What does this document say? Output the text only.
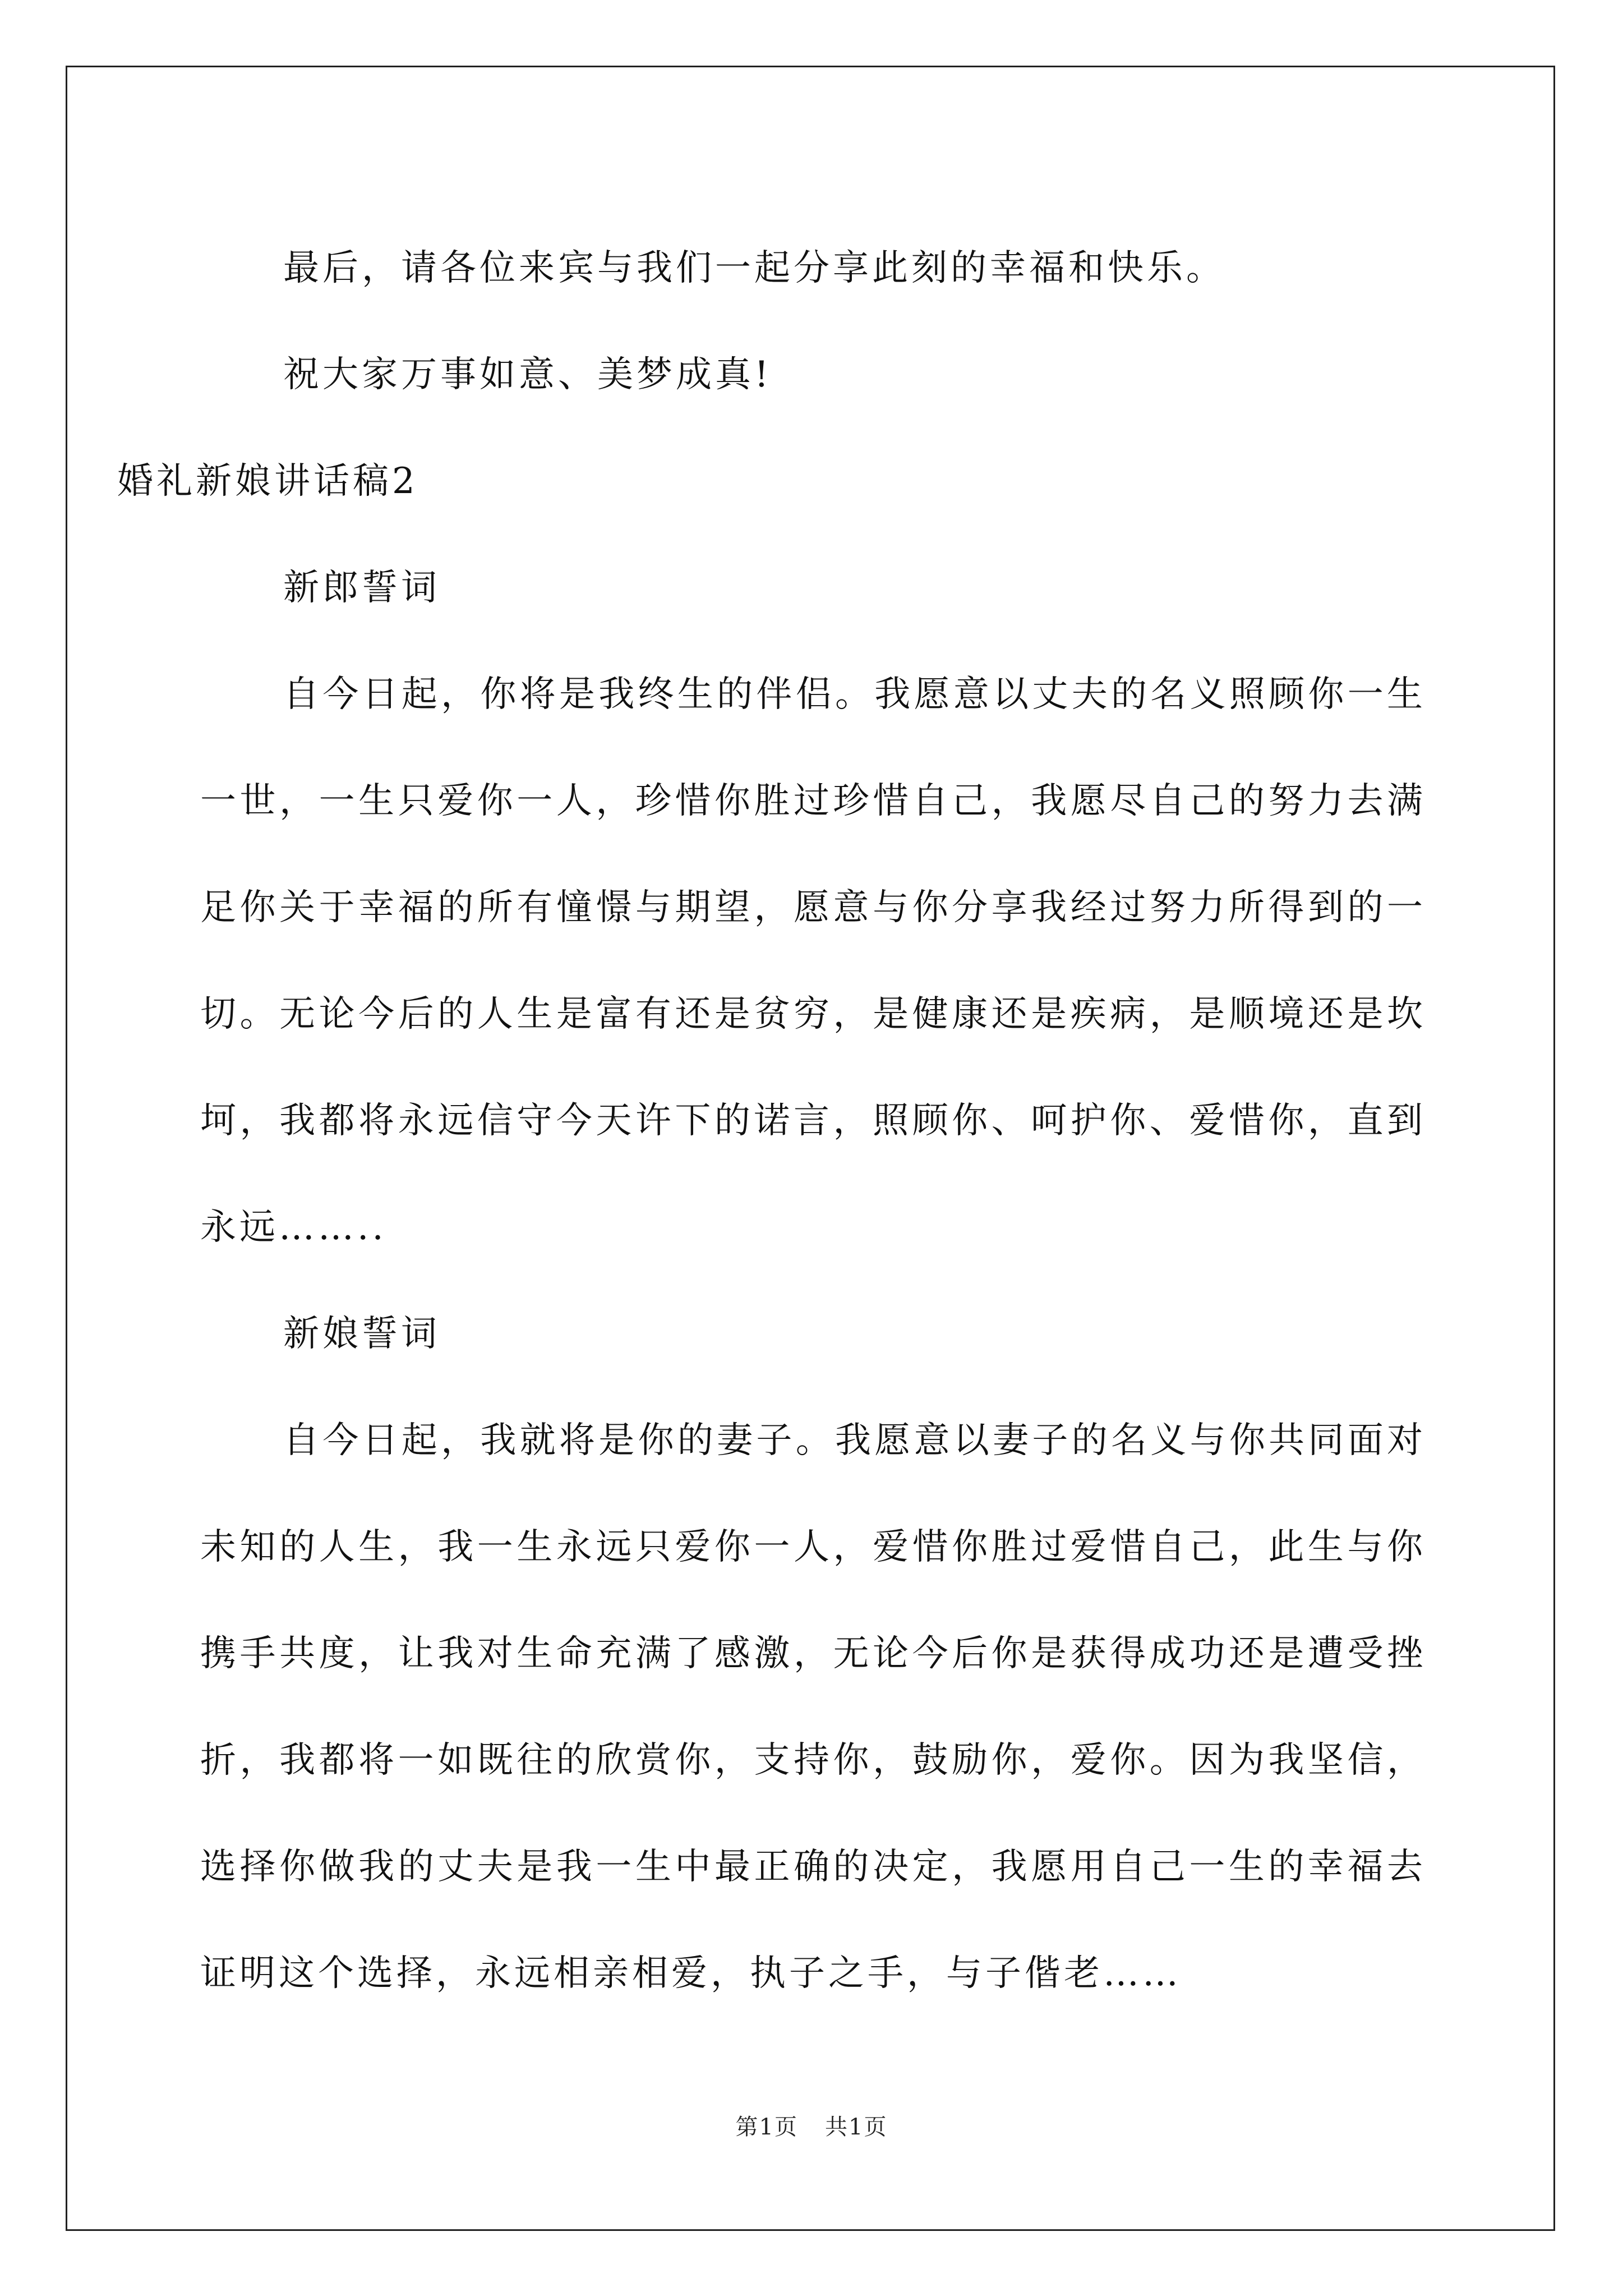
最后，请各位来宾与我们一起分享此刻的幸福和快乐。

祝大家万事如意、美梦成真!

婚礼新娘讲话稿2

新郎誓词

自今日起，你将是我终生的伴侣。我愿意以丈夫的名义照顾你一生一世，一生只爱你一人，珍惜你胜过珍惜自己，我愿尽自己的努力去满足你关于幸福的所有憧憬与期望，愿意与你分享我经过努力所得到的一切。无论今后的人生是富有还是贫穷，是健康还是疾病，是顺境还是坎坷，我都将永远信守今天许下的诺言，照顾你、呵护你、爱惜你，直到永远……..

新娘誓词

自今日起，我就将是你的妻子。我愿意以妻子的名义与你共同面对未知的人生，我一生永远只爱你一人，爱惜你胜过爱惜自己，此生与你携手共度，让我对生命充满了感激，无论今后你是获得成功还是遭受挫折，我都将一如既往的欣赏你，支持你，鼓励你，爱你。因为我坚信，选择你做我的丈夫是我一生中最正确的决定，我愿用自己一生的幸福去证明这个选择，永远相亲相爱，执子之手，与子偕老……

第1页 共1页
